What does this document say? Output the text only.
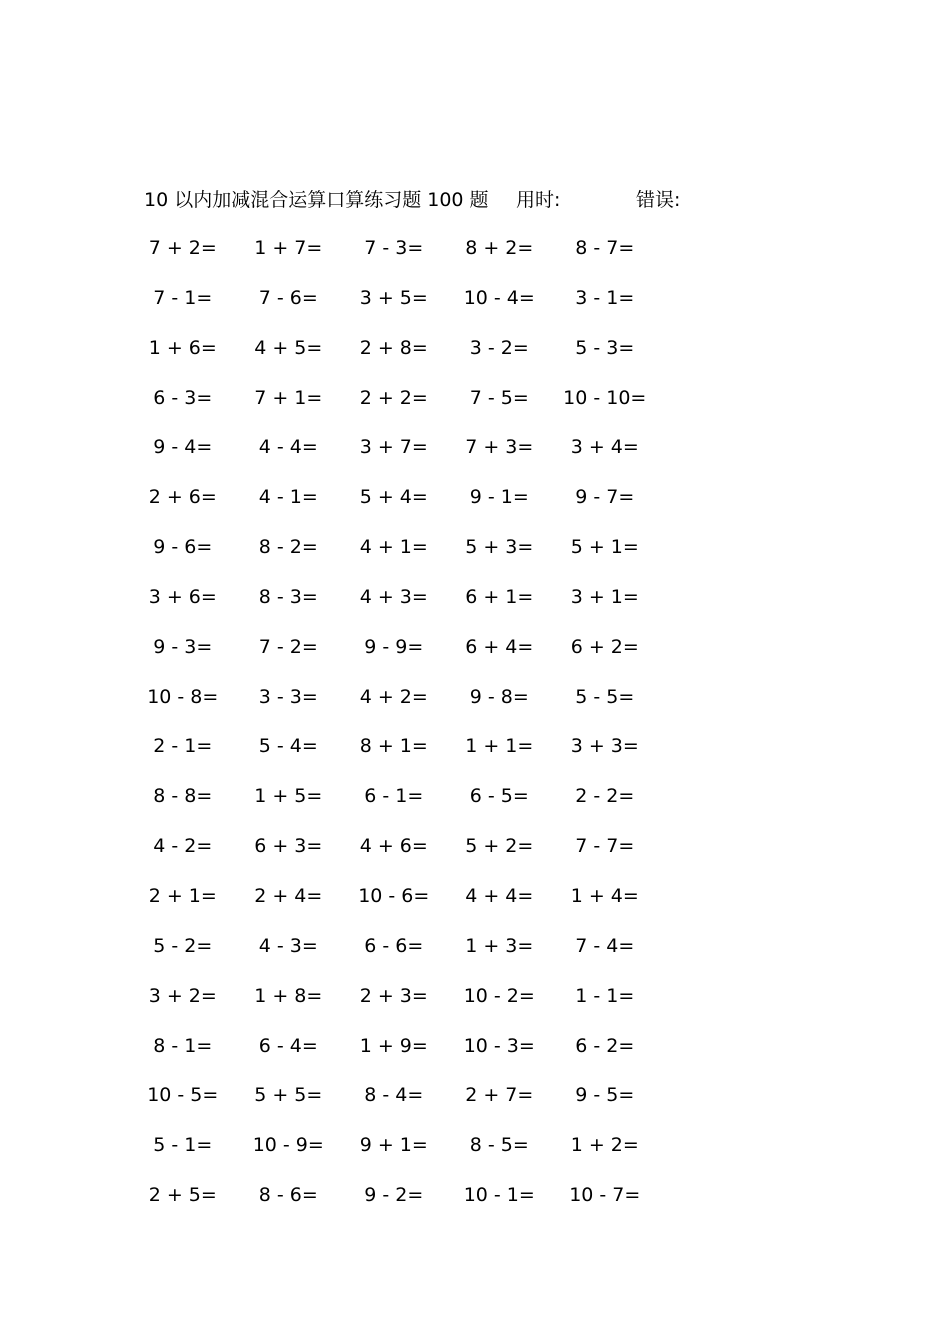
10 以内加减混合运算口算练习题 100 题 用时:	错误:
7 + 2=	1 + 7=	7 - 3=	8 + 2=	8 - 7=
7 - 1=	7 - 6=	3 + 5=	10 - 4=	3 - 1=
1 + 6=	4 + 5=	2 + 8=	3 - 2=	5 - 3=
6 - 3=	7 + 1=	2 + 2=	7 - 5=	10 - 10=
9 - 4=	4 - 4=	3 + 7=	7 + 3=	3 + 4=
2 + 6=	4 - 1=	5 + 4=	9 - 1=	9 - 7=
9 - 6=	8 - 2=	4 + 1=	5 + 3=	5 + 1=
3 + 6=	8 - 3=	4 + 3=	6 + 1=	3 + 1=
9 - 3=	7 - 2=	9 - 9=	6 + 4=	6 + 2=
10 - 8=	3 - 3=	4 + 2=	9 - 8=	5 - 5=
2 - 1=	5 - 4=	8 + 1=	1 + 1=	3 + 3=
8 - 8=	1 + 5=	6 - 1=	6 - 5=	2 - 2=
4 - 2=	6 + 3=	4 + 6=	5 + 2=	7 - 7=
2 + 1=	2 + 4=	10 - 6=	4 + 4=	1 + 4=
5 - 2=	4 - 3=	6 - 6=	1 + 3=	7 - 4=
3 + 2=	1 + 8=	2 + 3=	10 - 2=	1 - 1=
8 - 1=	6 - 4=	1 + 9=	10 - 3=	6 - 2=
10 - 5=	5 + 5=	8 - 4=	2 + 7=	9 - 5=
5 - 1=	10 - 9=	9 + 1=	8 - 5=	1 + 2=
2 + 5=	8 - 6=	9 - 2=	10 - 1=	10 - 7=
